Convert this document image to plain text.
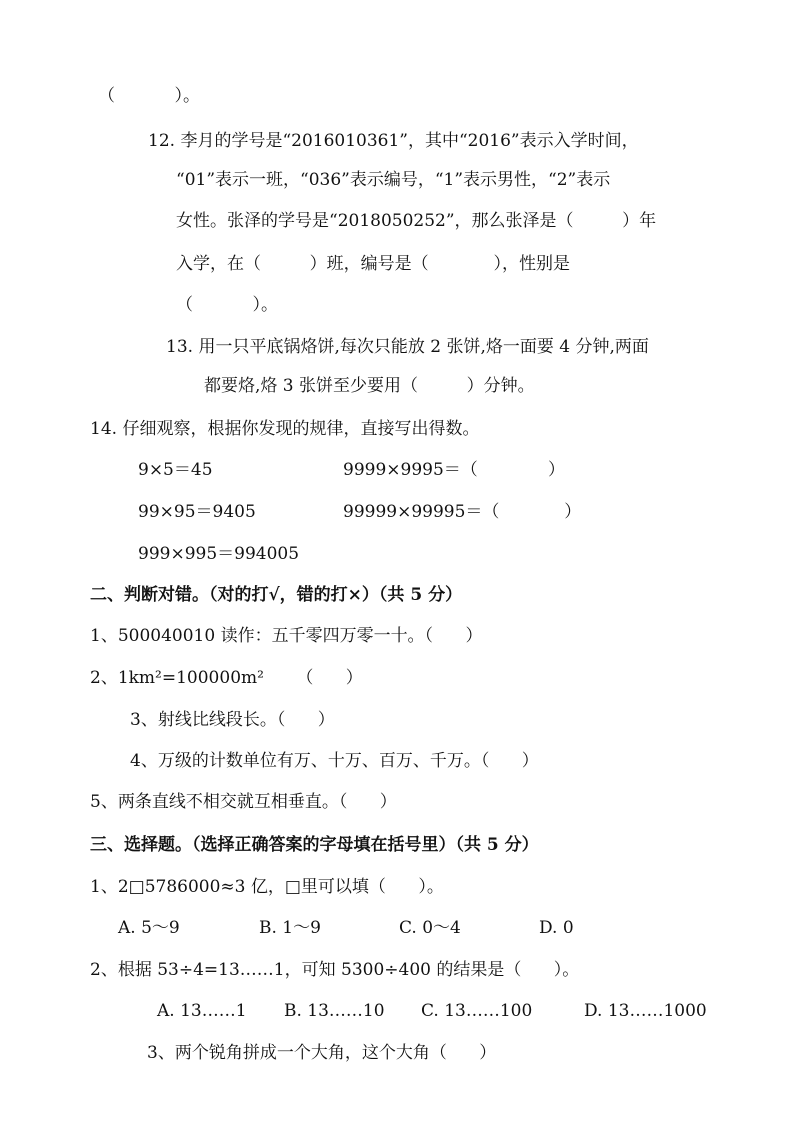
（           ）。
12. 李月的学号是“2016010361”，其中“2016”表示入学时间，
“01”表示一班，“036”表示编号，“1”表示男性，“2”表示
女性。张泽的学号是“2018050252”，那么张泽是（         ）年
入学，在（         ）班，编号是（            ），性别是
（           ）。
13. 用一只平底锅烙饼,每次只能放 2 张饼,烙一面要 4 分钟,两面
都要烙,烙 3 张饼至少要用（         ）分钟。
14. 仔细观察，根据你发现的规律，直接写出得数。
9×5＝45	9999×9995＝（             ）
99×95＝9405	99999×99995＝（            ）
999×995＝994005
二、判断对错。（对的打√，错的打×）（共 5 分）
1、500040010 读作：五千零四万零一十。（      ）
2、1km²=100000m²      （      ）
3、射线比线段长。（      ）
4、万级的计数单位有万、十万、百万、千万。（      ）
5、两条直线不相交就互相垂直。（      ）
三、选择题。（选择正确答案的字母填在括号里）（共 5 分）
1、2□5786000≈3 亿，□里可以填（      ）。
A. 5～9	B. 1～9	C. 0～4	D. 0
2、根据 53÷4=13……1，可知 5300÷400 的结果是（      ）。
A. 13……1 B. 13……10 C. 13……100	D. 13……1000
3、两个锐角拼成一个大角，这个大角（      ）
